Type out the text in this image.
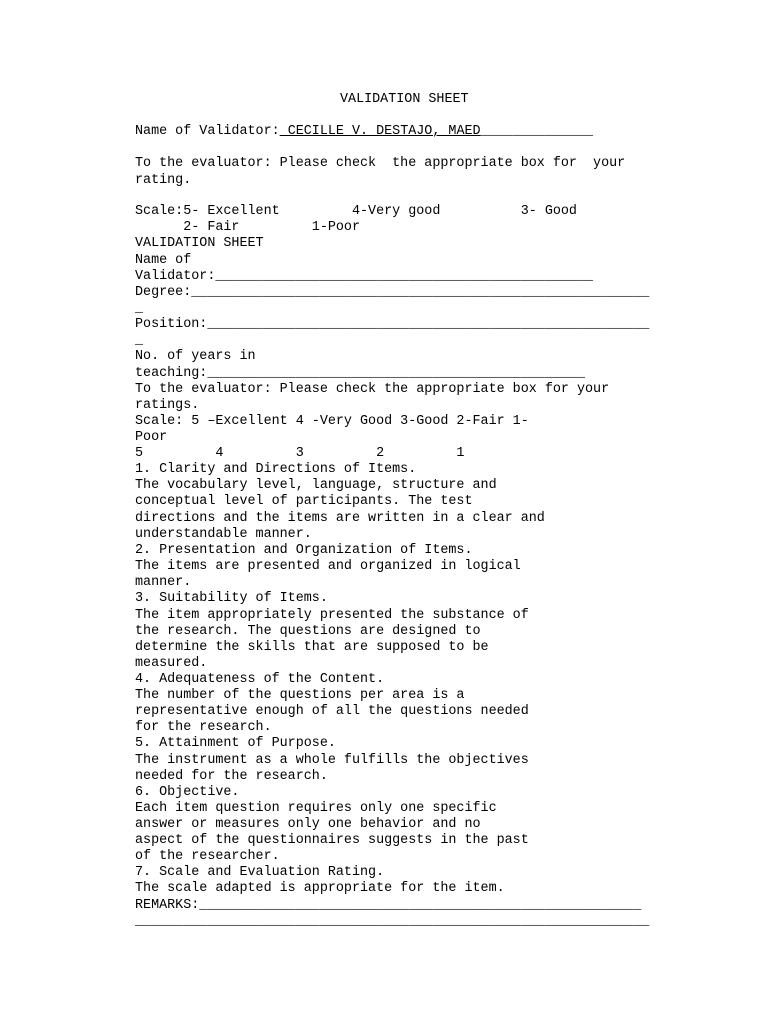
VALIDATION SHEET
Name of Validator: CECILLE V. DESTAJO, MAED______________
To the evaluator: Please check  the appropriate box for  your
rating.
Scale:5- Excellent         4-Very good          3- Good
2- Fair         1-Poor
VALIDATION SHEET
Name of
Validator:_______________________________________________
Degree:_________________________________________________________
_
Position:_______________________________________________________
_
No. of years in
teaching:_______________________________________________
To the evaluator: Please check the appropriate box for your
ratings.
Scale: 5 –Excellent 4 -Very Good 3-Good 2-Fair 1-
Poor
5         4         3         2         1
1. Clarity and Directions of Items.
The vocabulary level, language, structure and
conceptual level of participants. The test
directions and the items are written in a clear and
understandable manner.
2. Presentation and Organization of Items.
The items are presented and organized in logical
manner.
3. Suitability of Items.
The item appropriately presented the substance of
the research. The questions are designed to
determine the skills that are supposed to be
measured.
4. Adequateness of the Content.
The number of the questions per area is a
representative enough of all the questions needed
for the research.
5. Attainment of Purpose.
The instrument as a whole fulfills the objectives
needed for the research.
6. Objective.
Each item question requires only one specific
answer or measures only one behavior and no
aspect of the questionnaires suggests in the past
of the researcher.
7. Scale and Evaluation Rating.
The scale adapted is appropriate for the item.
REMARKS:_______________________________________________________
________________________________________________________________
